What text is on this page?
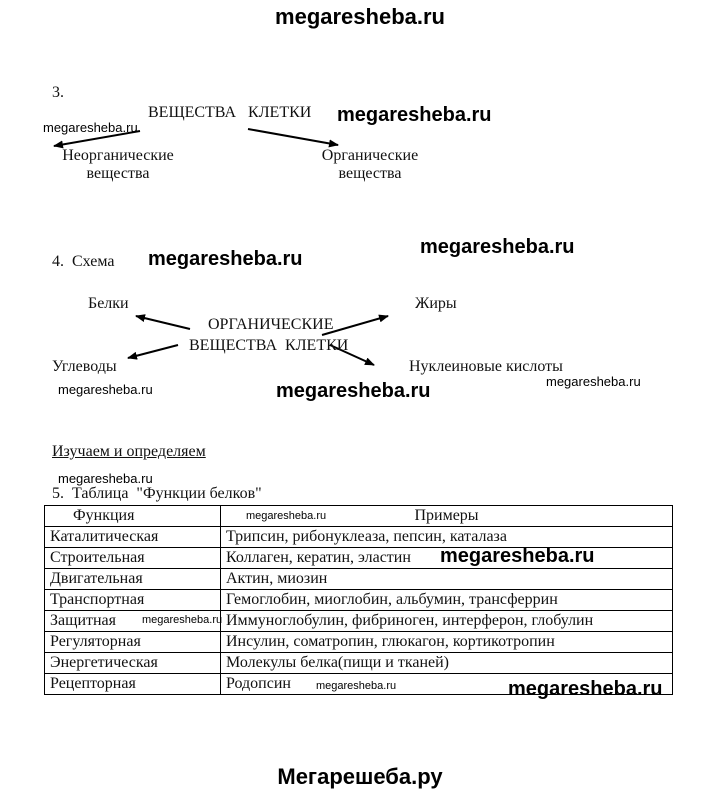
megaresheba.ru
3.
ВЕЩЕСТВА   КЛЕТКИ megaresheba.ru
megaresheba.ru
Неорганические
вещества
Органические
вещества
4.  Схема megaresheba.ru
megaresheba.ru
Белки	Жиры
ОРГАНИЧЕСКИЕ
ВЕЩЕСТВА  КЛЕТКИ
Углеводы	Нуклеиновые кислоты
megaresheba.ru	megaresheba.ru	megaresheba.ru
Изучаем и определяем
megaresheba.ru
5.  Таблица  "Функции белков"
Функция	Примеры
Каталитическая	Трипсин, рибонуклеаза, пепсин, каталаза
Строительная	Коллаген, кератин, эластин
Двигательная	Актин, миозин
Транспортная	Гемоглобин, миоглобин, альбумин, трансферрин
Защитная	Иммуноглобулин, фибриноген, интерферон, глобулин
Регуляторная	Инсулин, соматропин, глюкагон, кортикотропин
Энергетическая	Молекулы белка(пищи и тканей)
Рецепторная	Родопсин
megaresheba.ru
megaresheba.ru
megaresheba.ru
megaresheba.ru	megaresheba.ru
Мегарешеба.ру
